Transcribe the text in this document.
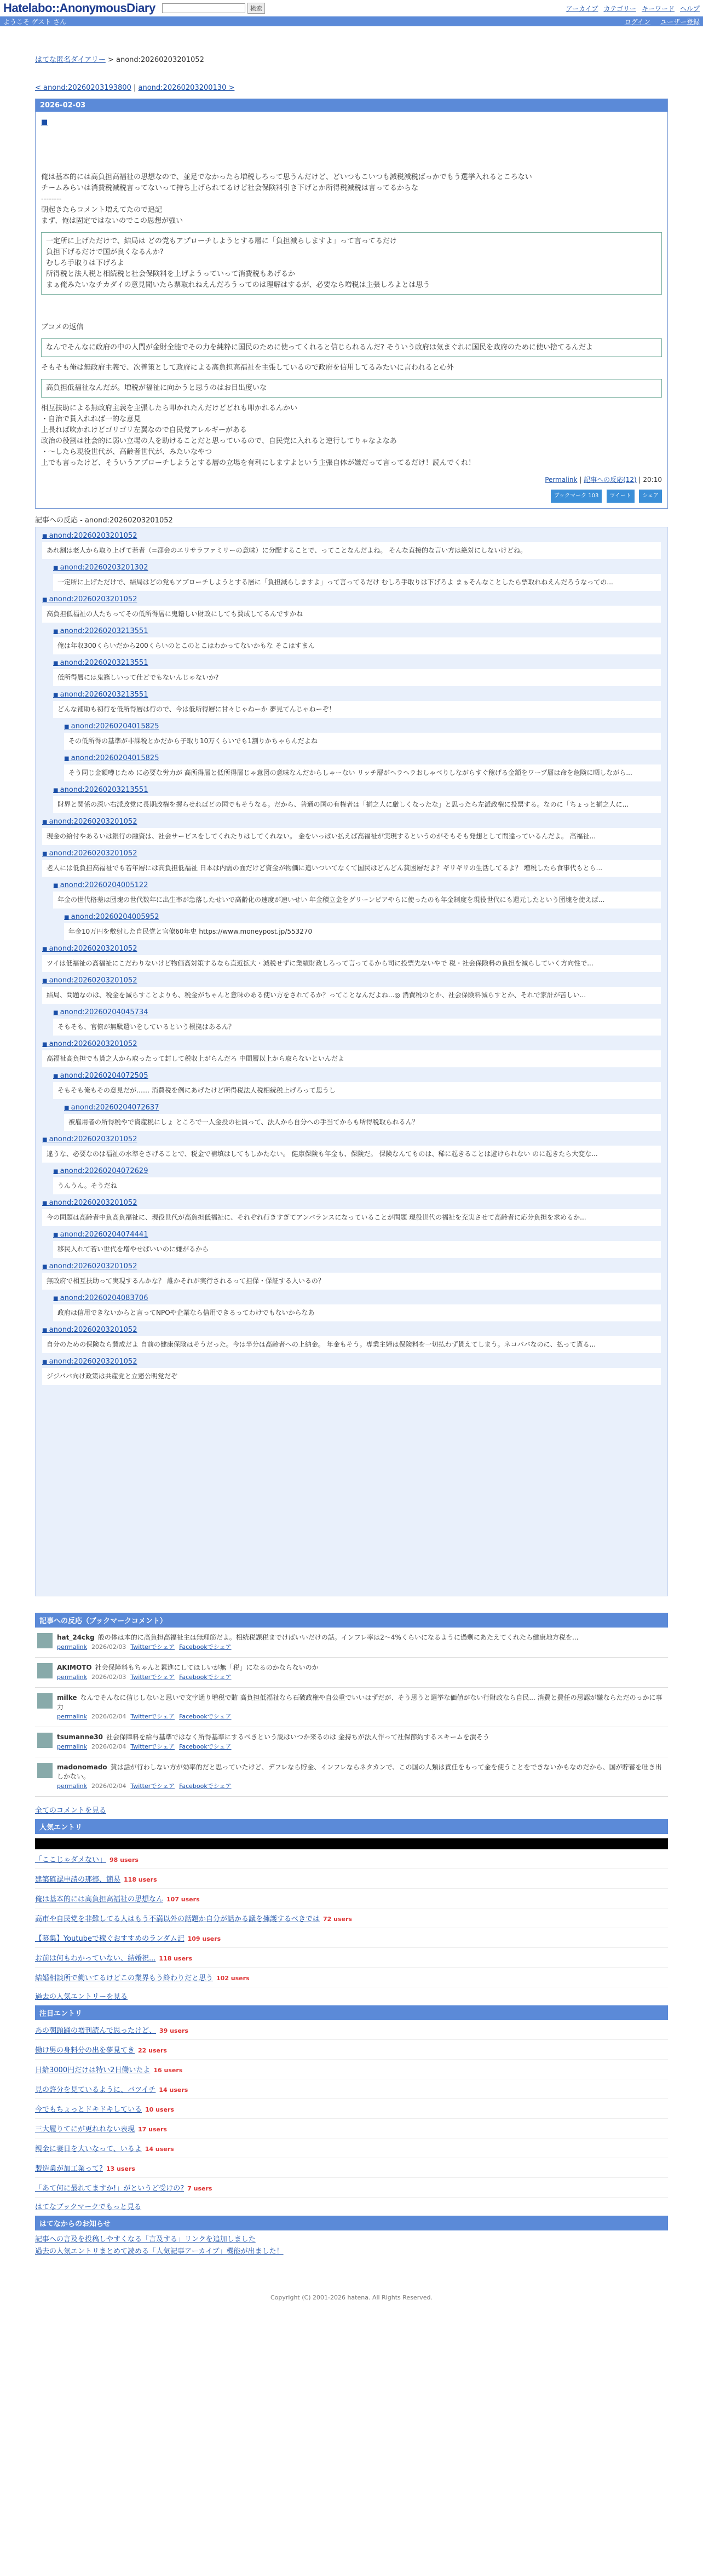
Hatelabo::AnonymousDiary	検索	アーカイブ カテゴリー キーワード ヘルプ
ようこそ ゲスト さん	ログイン ユーザー登録
はてな匿名ダイアリー > anond:20260203201052
< anond:20260203193800 | anond:20260203200130 >
2026-02-03
■
俺は基本的には高負担高福祉の思想なので、並足でなかったら増税しろって思うんだけど、どいつもこいつも減税減税ばっかでもう選挙入れるところない
チームみらいは消費税減税言ってないって持ち上げられてるけど社会保険料引き下げとか所得税減税は言ってるからな
--------
朝起きたらコメント増えてたので追記
まず、俺は固定ではないのでこの思想が強い
一定所に上げただけで、結局は どの党もアプローチしようとする層に「負担減らしますよ」って言ってるだけ
負担下げるだけで国が良くなるんか?
むしろ手取りは下げろよ
所得税と法人税と相続税と社会保険料を上げようっていって消費税もあげるか
まぁ俺みたいなチカダイの意見聞いたら票取れねえんだろうってのは理解はするが、必要なら増税は主張しろよとは思う
ブコメの返信
なんでそんなに政府の中の人間が金財全能でその力を純粋に国民のために使ってくれると信じられるんだ? そういう政府は気まぐれに国民を政府のために使い捨てるんだよ
そもそも俺は無政府主義で、次善策として政府による高負担高福祉を主張しているので政府を信用してるみたいに言われると心外
高負担低福祉なんだが。増税が福祉に向かうと思うのはお目出度いな
相互扶助による無政府主義を主張したら叩かれたんだけどどれも叩かれるんかい
・自治で貰入れれば一的な意見
上長れば吹かれけどゴリゴリ左翼なので自民党アレルギーがある
政治の役割は社会的に弱い立場の人を助けることだと思っているので、自民党に入れると逆行してりゃなよなあ
・〜したら現役世代が、高齢者世代が、みたいなやつ
上でも言ったけど、そういうアプローチしようとする層の立場を有利にしますよという主張自体が嫌だって言ってるだけ！読んでくれ！
Permalink | 記事への反応(12) | 20:10
ブックマーク 103 ツイート シェア
記事への反応 - anond:20260203201052
■ anond:20260203201052
あれ割は老人から取り上げて若者（=都会のエリサラファミリーの意味）に分配することで、ってことなんだよね。 そんな直接的な言い方は絶対にしないけどね。
■ anond:20260203201302
一定所に上げただけで、結局はどの党もアプローチしようとする層に「負担減らしますよ」って言ってるだけ むしろ手取りは下げろよ まぁそんなことしたら票取れねえんだろうなっての...
■ anond:20260203201052
高負担低福祉の人たちってその低所得層に鬼籍しい財政にしても賛成してるんですかね
■ anond:20260203213551
俺は年収300くらいだから200くらいのとこのとこはわかってないかもな そこはすまん
■ anond:20260203213551
低所得層には鬼籍しいって仕どでもないんじゃないか?
■ anond:20260203213551
どんな補助も初行を低所得層は行ので、今は低所得層に甘々じゃねーか 夢見てんじゃねーぞ！
■ anond:20260204015825
その低所得の基準が非課税とかだから子取り10万くらいでも1割りかちゃらんだよね
■ anond:20260204015825
そう同じ金額噂じため に必要な労力が 高所得層と低所得層じゃ意図の意味なんだからしゃーない リッチ層がヘラヘラおしゃべりしながらすぐ稼げる金額をワープ層は命を危険に晒しながら...
■ anond:20260203213551
財界と関係の深い右派政党に長期政権を握らせればどの国でもそうなる。だから、普通の国の有権者は「揃之人に厳しくなったな」と思ったら左派政権に投票する。なのに「ちょっと揃之人に...
■ anond:20260203201052
現金の給付やあるいは銀行の融資は、社会サービスをしてくれたりはしてくれない。 金をいっぱい払えば高福祉が実現するというのがそもそも発想として間違っているんだよ。 高福祉...
■ anond:20260203201052
老人には低負担高福祉でも若年層には高負担低福祉 日本は内需の面だけど資金が物価に追いついてなくて国民はどんどん貧困層だよ？ギリギリの生活してるよ？ 増税したら食事代もとら...
■ anond:20260204005122
年金の世代格差は団塊の世代数年に出生率が急落したせいで高齢化の速度が速いせい 年金積立金をグリーンピアやらに使ったのも年金制度を現役世代にも還元したという団塊を使えば...
■ anond:20260204005952
年金10万円を敷射した自民党と官僚60年史 https://www.moneypost.jp/553270
■ anond:20260203201052
ツイは低福祉の高福祉にこだわりないけど物価高対策するなら直近拡大・減税せずに業績財政しろって言ってるから司に投票先ないやで 税・社会保険料の負担を減らしていく方向性で...
■ anond:20260203201052
結局、問題なのは、税金を減らすことよりも、税金がちゃんと意味のある使い方をされてるか？ってことなんだよね...◎ 消費税のとか、社会保険料減らすとか、それで家計が苦しい...
■ anond:20260204045734
そもそも、官僚が無駄遣いをしているという根拠はあるん？
■ anond:20260203201052
高福祉高負担でも貰之人から取ったって封して税収上がらんだろ 中間層以上から取らないといんだよ
■ anond:20260204072505
そもそも俺もその意見だが…… 消費税を例にあげたけど所得税法人税相続税上げろって思うし
■ anond:20260204072637
被雇用者の所得税やで資産税にしょ ところで一人金投の社員って、法人から自分への手当てからも所得税取られるん？
■ anond:20260203201052
違うな、必要なのは福祉の水準をさげることで、税金で補填はしてもしかたない。 健康保険も年金も、保険だ。 保険なんてものは、稀に起きることは避けられない のに起きたら大変な...
■ anond:20260204072629
うんうん。そうだね
■ anond:20260203201052
今の問題は高齢者中負高負福祉に、現役世代が高負担低福祉に、それぞれ行きすぎてアンバランスになっていることが問題 現役世代の福祉を充実させて高齢者に応分負担を求めるか...
■ anond:20260204074441
移民入れて若い世代を増やせばいいのに嫌がるから
■ anond:20260203201052
無政府で相互扶助って実現するんかな？ 誰かそれが実行されるって担保・保証する人いるの？
■ anond:20260204083706
政府は信用できないからと言ってNPOや企業なら信用できるってわけでもないからなあ
■ anond:20260203201052
自分のための保険なら賛成だよ 自前の健康保険はそうだった。今は半分は高齢者への上納金。 年金もそう。専業主婦は保険料を一切払わず貰えてしまう。ネコババなのに、払って貰る...
■ anond:20260203201052
ジジババ向け政策は共産党と立憲公明党だぞ
記事への反応（ブックマークコメント）
hat_24ckg 般の体は本的に高負担高福祉主は無理筋だよ。相続税課税までけばいいだけの話。インフレ率は2〜4%くらいになるように過剰にあたえてくれたら健康地方税を...
permalink 2026/02/03 Twitterでシェア Facebookでシェア
AKIMOTO 社会保障料もちゃんと累進にしてほしいが無「税」になるのかならないのか
permalink 2026/02/03 Twitterでシェア Facebookでシェア
milke なんでそんなに信じしないと思いで文字通り増税で賄 高負担低福祉なら石破政権や自公重でいいはずだが、そう思うと選挙な価値がない行財政なら自民... 消費と費任の思認が嫌ならただのっかに事力
permalink 2026/02/04 Twitterでシェア Facebookでシェア
tsumanne30 社会保障料を給与基準ではなく所得基準にするべきという説はいつか来るのは 金持ちが法人作って社保節約するスキームを潰そう
permalink 2026/02/04 Twitterでシェア Facebookでシェア
madonomado 貧は話が行わしない方が効率的だと思っていたけど、デフレなら貯金、インフレならネタカンで、この国の人類は責任をもって金を使うことをできないかもなのだから、国が貯蓄を吐き出しかない。
permalink 2026/02/04 Twitterでシェア Facebookでシェア
全てのコメントを見る
人気エントリ
「ここじゃダメない」 98 users
建築確認申請の那郷、簡易 118 users
俺は基本的には高負担高福祉の思想なん 107 users
高市や自民党を非難してる人はもう不満以外の話題か自分が話かる議を擁護するべきでは 72 users
【募集】Youtubeで稼ぐおすすめのランダム記 109 users
お前は何もわかっていない、結婚祝... 118 users
結婚相談所で働いてるけどこの業界もう終わりだと思う 102 users
過去の人気エントリーを見る
注目エントリ
あの朝頭踊の増刊読んで思ったけど、 39 users
働け男の身料分の出を夢見てき 22 users
日給3000円だけは特い2日働いたよ 16 users
見の許分を見ているように、バツイチ 14 users
今でもちょっとドキドキしている 10 users
三大履りてにが更れれない表現 17 users
親金に妻日を大いなって、いるよ 14 users
製造業が加工業って? 13 users
「あて何に最れてますか!」がというど受けの? 7 users
はてなブックマークでもっと見る
はてなからのお知らせ
記事への言及を投稿しやすくなる「言及する」リンクを追加しました
過去の人気エントリまとめて読める「人気記事アーカイブ」機能が出ました！
Copyright (C) 2001-2026 hatena. All Rights Reserved.
